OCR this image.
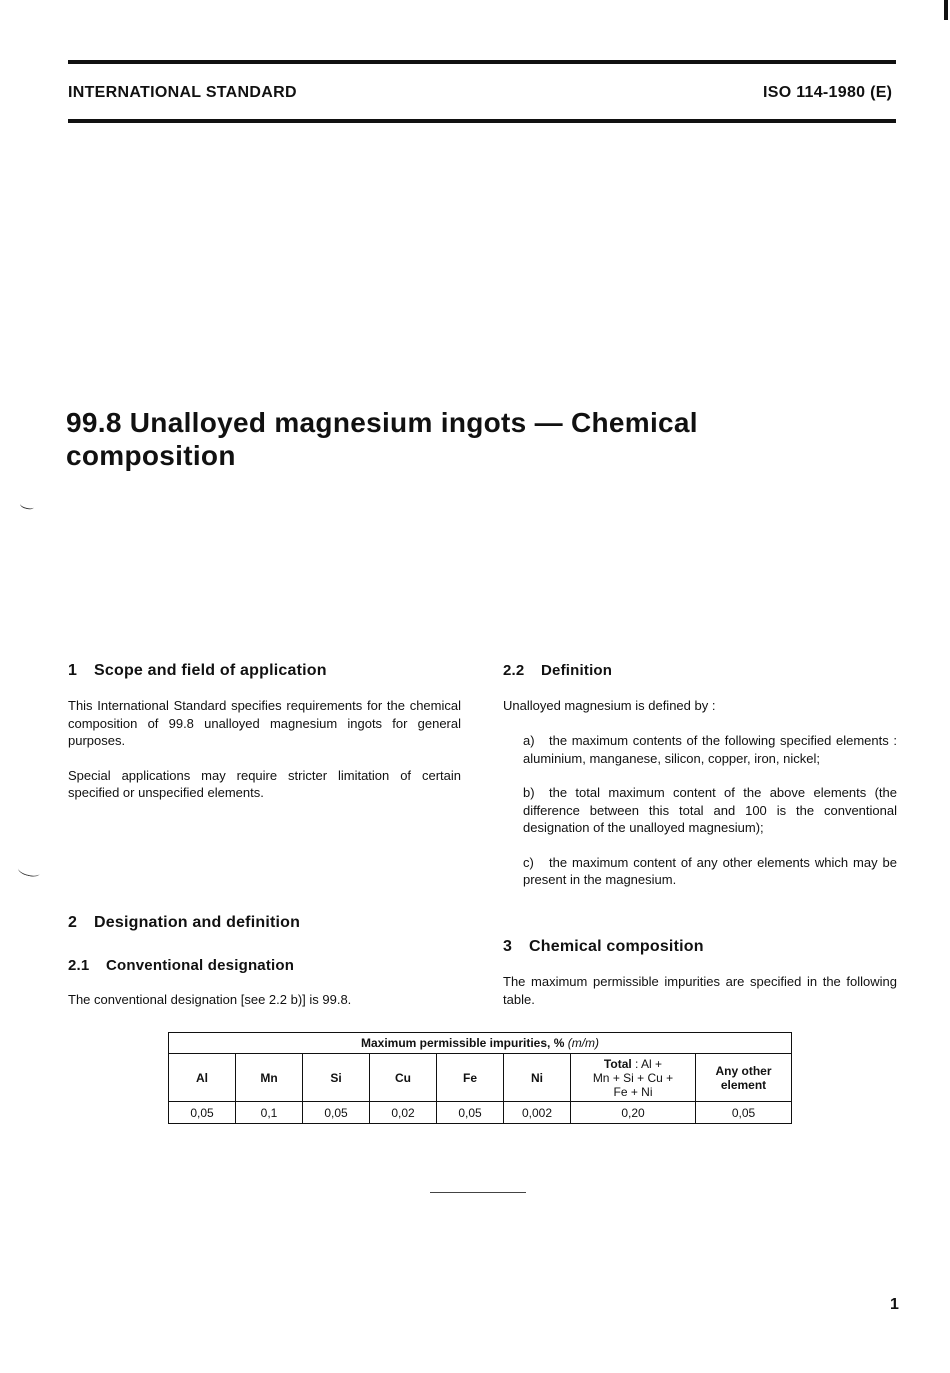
INTERNATIONAL STANDARD	ISO 114-1980 (E)
99.8 Unalloyed magnesium ingots — Chemical composition
1 Scope and field of application

This International Standard specifies requirements for the chemical composition of 99.8 unalloyed magnesium ingots for general purposes.

Special applications may require stricter limitation of certain specified or unspecified elements.

2 Designation and definition
2.1 Conventional designation

The conventional designation [see 2.2 b)] is 99.8.

2.2 Definition

Unalloyed magnesium is defined by :

a) the maximum contents of the following specified elements : aluminium, manganese, silicon, copper, iron, nickel;

b) the total maximum content of the above elements (the difference between this total and 100 is the conventional designation of the unalloyed magnesium);

c) the maximum content of any other elements which may be present in the magnesium.

3 Chemical composition

The maximum permissible impurities are specified in the following table.

Maximum permissible impurities, % (m/m)							
Al	Mn	Si	Cu	Fe	Ni	Total : Al +
Mn + Si + Cu +
Fe + Ni	Any other element
0,05	0,1	0,05	0,02	0,05	0,002	0,20	0,05
1
